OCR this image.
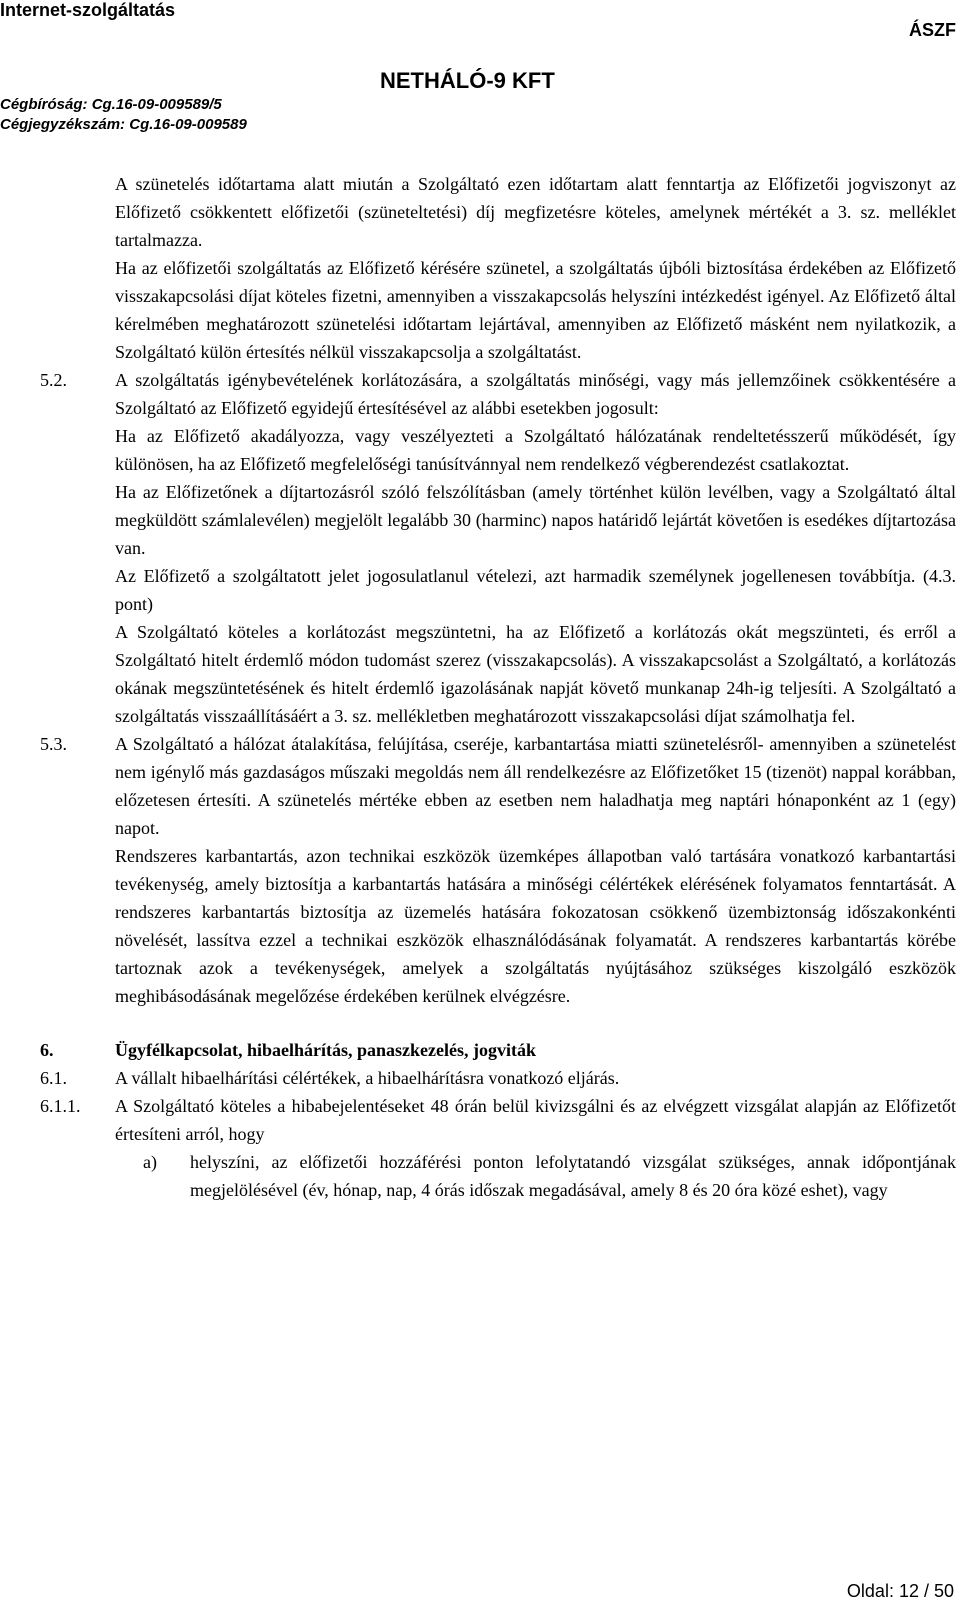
Internet-szolgáltatás
ÁSZF
NETHÁLÓ-9 KFT
Cégbíróság: Cg.16-09-009589/5
Cégjegyzékszám: Cg.16-09-009589

A szünetelés időtartama alatt miután a Szolgáltató ezen időtartam alatt fenntartja az Előfizetői jogviszonyt az Előfizető csökkentett előfizetői (szüneteltetési) díj megfizetésre köteles, amelynek mértékét a 3. sz. melléklet tartalmazza.

Ha az előfizetői szolgáltatás az Előfizető kérésére szünetel, a szolgáltatás újbóli biztosítása érdekében az Előfizető visszakapcsolási díjat köteles fizetni, amennyiben a visszakapcsolás helyszíni intézkedést igényel. Az Előfizető által kérelmében meghatározott szünetelési időtartam lejártával, amennyiben az Előfizető másként nem nyilatkozik, a Szolgáltató külön értesítés nélkül visszakapcsolja a szolgáltatást.

5.2.	A szolgáltatás igénybevételének korlátozására, a szolgáltatás minőségi, vagy más jellemzőinek csökkentésére a Szolgáltató az Előfizető egyidejű értesítésével az alábbi esetekben jogosult:

Ha az Előfizető akadályozza, vagy veszélyezteti a Szolgáltató hálózatának rendeltetésszerű működését, így különösen, ha az Előfizető megfelelőségi tanúsítvánnyal nem rendelkező végberendezést csatlakoztat.

Ha az Előfizetőnek a díjtartozásról szóló felszólításban (amely történhet külön levélben, vagy a Szolgáltató által megküldött számlalevélen) megjelölt legalább 30 (harminc) napos határidő lejártát követően is esedékes díjtartozása van.

Az Előfizető a szolgáltatott jelet jogosulatlanul vételezi, azt harmadik személynek jogellenesen továbbítja. (4.3. pont)

A Szolgáltató köteles a korlátozást megszüntetni, ha az Előfizető a korlátozás okát megszünteti, és erről a Szolgáltató hitelt érdemlő módon tudomást szerez (visszakapcsolás). A visszakapcsolást a Szolgáltató, a korlátozás okának megszüntetésének és hitelt érdemlő igazolásának napját követő munkanap 24h-ig teljesíti. A Szolgáltató a szolgáltatás visszaállításáért a 3. sz. mellékletben meghatározott visszakapcsolási díjat számolhatja fel.

5.3.	A Szolgáltató a hálózat átalakítása, felújítása, cseréje, karbantartása miatti szünetelésről- amennyiben a szünetelést nem igénylő más gazdaságos műszaki megoldás nem áll rendelkezésre az Előfizetőket 15 (tizenöt) nappal korábban, előzetesen értesíti. A szünetelés mértéke ebben az esetben nem haladhatja meg naptári hónaponként az 1 (egy) napot.

Rendszeres karbantartás, azon technikai eszközök üzemképes állapotban való tartására vonatkozó karbantartási tevékenység, amely biztosítja a karbantartás hatására a minőségi célértékek elérésének folyamatos fenntartását. A rendszeres karbantartás biztosítja az üzemelés hatására fokozatosan csökkenő üzembiztonság időszakonkénti növelését, lassítva ezzel a technikai eszközök elhasználódásának folyamatát. A rendszeres karbantartás körébe tartoznak azok a tevékenységek, amelyek a szolgáltatás nyújtásához szükséges kiszolgáló eszközök meghibásodásának megelőzése érdekében kerülnek elvégzésre.

6.	Ügyfélkapcsolat, hibaelhárítás, panaszkezelés, jogviták
6.1.	A vállalt hibaelhárítási célértékek, a hibaelhárításra vonatkozó eljárás.

6.1.1. A Szolgáltató köteles a hibabejelentéseket 48 órán belül kivizsgálni és az elvégzett vizsgálat alapján az Előfizetőt értesíteni arról, hogy

a) helyszíni, az előfizetői hozzáférési ponton lefolytatandó vizsgálat szükséges, annak időpontjának megjelölésével (év, hónap, nap, 4 órás időszak megadásával, amely 8 és 20 óra közé eshet), vagy

Oldal: 12 / 50
